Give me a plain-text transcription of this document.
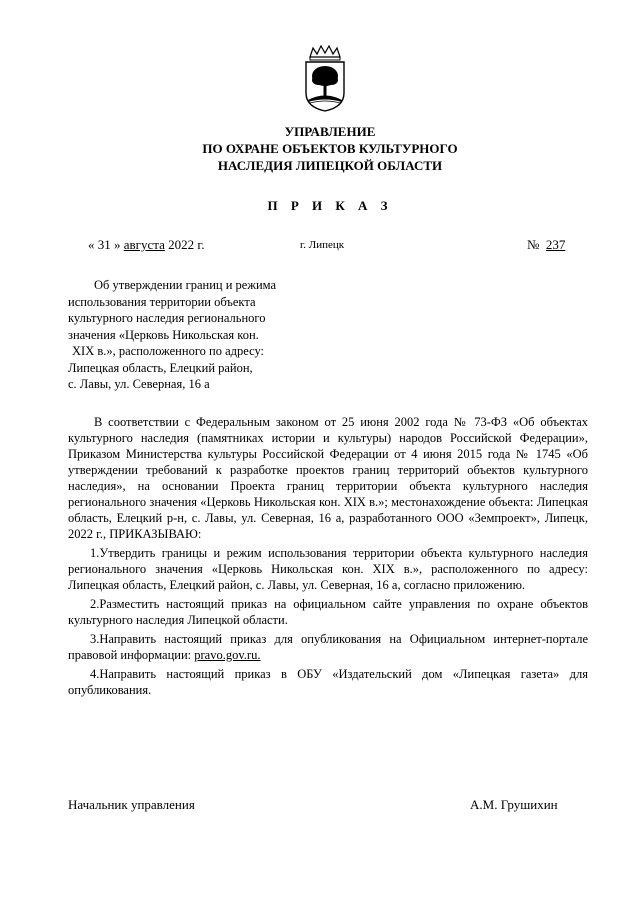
УПРАВЛЕНИЕ
ПО ОХРАНЕ ОБЪЕКТОВ КУЛЬТУРНОГО
НАСЛЕДИЯ ЛИПЕЦКОЙ ОБЛАСТИ
П Р И К А З
« 31 » августа 2022 г.	г. Липецк	№ 237
Об утверждении границ и режима
использования территории объекта
культурного наследия регионального
значения «Церковь Никольская кон.
XIX в.», расположенного по адресу:
Липецкая область, Елецкий район,
с. Лавы, ул. Северная, 16 а

В соответствии с Федеральным законом от 25 июня 2002 года № 73-ФЗ «Об объектах культурного наследия (памятниках истории и культуры) народов Российской Федерации», Приказом Министерства культуры Российской Федерации от 4 июня 2015 года № 1745 «Об утверждении требований к разработке проектов границ территорий объектов культурного наследия», на основании Проекта границ территории объекта культурного наследия регионального значения «Церковь Никольская кон. XIX в.»; местонахождение объекта: Липецкая область, Елецкий р-н, с. Лавы, ул. Северная, 16 а, разработанного ООО «Земпроект», Липецк, 2022 г., ПРИКАЗЫВАЮ:

1.Утвердить границы и режим использования территории объекта культурного наследия регионального значения «Церковь Никольская кон. XIX в.», расположенного по адресу: Липецкая область, Елецкий район, с. Лавы, ул. Северная, 16 а, согласно приложению.

2.Разместить настоящий приказ на официальном сайте управления по охране объектов культурного наследия Липецкой области.

3.Направить настоящий приказ для опубликования на Официальном интернет-портале правовой информации: pravo.gov.ru.

4.Направить настоящий приказ в ОБУ «Издательский дом «Липецкая газета» для опубликования.

Начальник управления	А.М. Грушихин
